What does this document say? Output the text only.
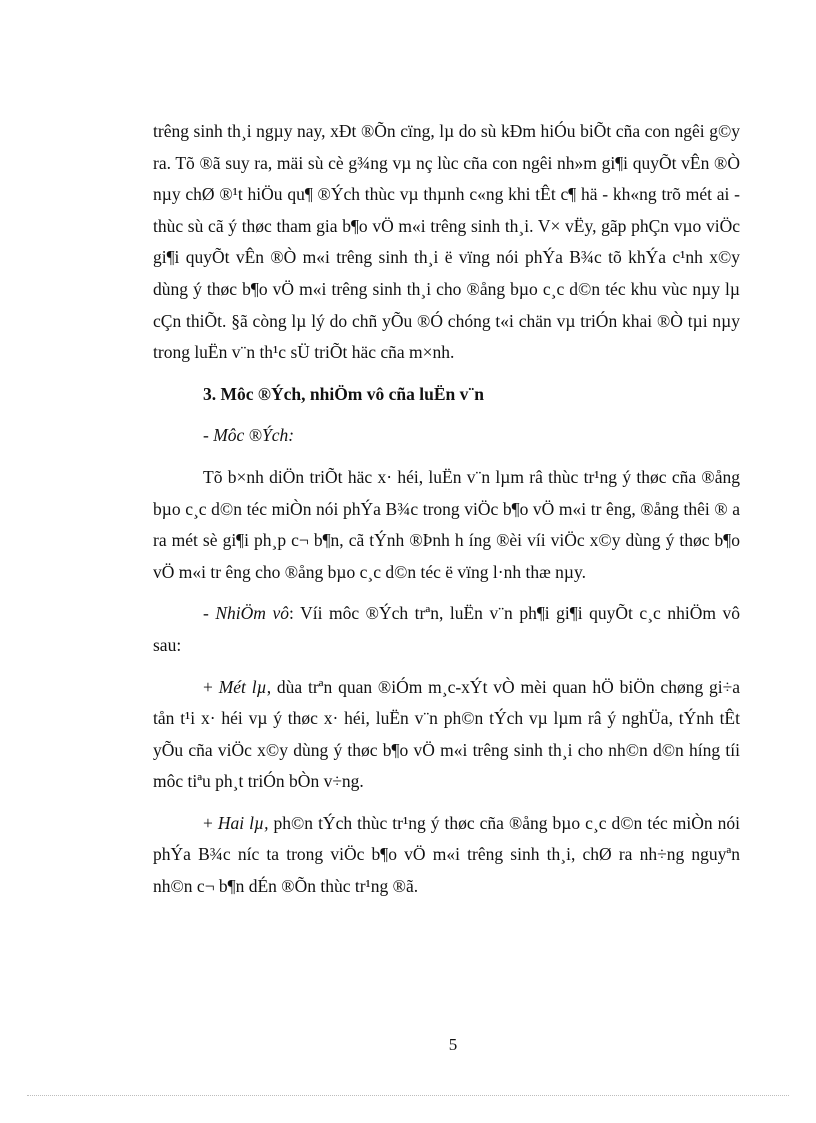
trêng sinh th¸i ngµy nay, xÐt ®Õn cïng, lµ do sù kÐm hiÓu biÕt cña con ngêi g©y ra. Tõ ®ã suy ra, mäi sù cè g¾ng vµ nç lùc cña con ngêi nh»m gi¶i quyÕt vÊn ®Ò nµy chØ ®¹t hiÖu qu¶ ®Ých thùc vµ thµnh c«ng khi tÊt c¶ hä - kh«ng trõ mét ai - thùc sù cã ý thøc tham gia b¶o vÖ m«i trêng sinh th¸i. V× vËy, gãp phÇn vµo viÖc gi¶i quyÕt vÊn ®Ò m«i trêng sinh th¸i ë vïng nói phÝa B¾c tõ khÝa c¹nh x©y dùng ý thøc b¶o vÖ m«i trêng sinh th¸i cho ®ång bµo c¸c d©n téc khu vùc nµy lµ cÇn thiÕt. §ã còng lµ lý do chñ yÕu ®Ó chóng t«i chän vµ triÓn khai ®Ò tµi nµy trong luËn v¨n th¹c sÜ triÕt häc cña m×nh.

3. Môc ®Ých, nhiÖm vô cña luËn v¨n

- Môc ®Ých:

Tõ b×nh diÖn triÕt häc x· héi, luËn v¨n lµm râ thùc tr¹ng ý thøc cña ®ång bµo c¸c d©n téc miÒn nói phÝa B¾c trong viÖc b¶o vÖ m«i tr êng, ®ång thêi ® a ra mét sè gi¶i ph¸p c¬ b¶n, cã tÝnh ®Þnh h íng ®èi víi viÖc x©y dùng ý thøc b¶o vÖ m«i tr êng cho ®ång bµo c¸c d©n téc ë vïng l·nh thæ nµy.

- NhiÖm vô: Víi môc ®Ých trªn, luËn v¨n ph¶i gi¶i quyÕt c¸c nhiÖm vô sau:

+ Mét lµ, dùa trªn quan ®iÓm m¸c-xÝt vÒ mèi quan hÖ biÖn chøng gi÷a tån t¹i x· héi vµ ý thøc x· héi, luËn v¨n ph©n tÝch vµ lµm râ ý nghÜa, tÝnh tÊt yÕu cña viÖc x©y dùng ý thøc b¶o vÖ m«i trêng sinh th¸i cho nh©n d©n híng tíi môc tiªu ph¸t triÓn bÒn v÷ng.

+ Hai lµ, ph©n tÝch thùc tr¹ng ý thøc cña ®ång bµo c¸c d©n téc miÒn nói phÝa B¾c níc ta trong viÖc b¶o vÖ m«i trêng sinh th¸i, chØ ra nh÷ng nguyªn nh©n c¬ b¶n dÉn ®Õn thùc tr¹ng ®ã.

5
